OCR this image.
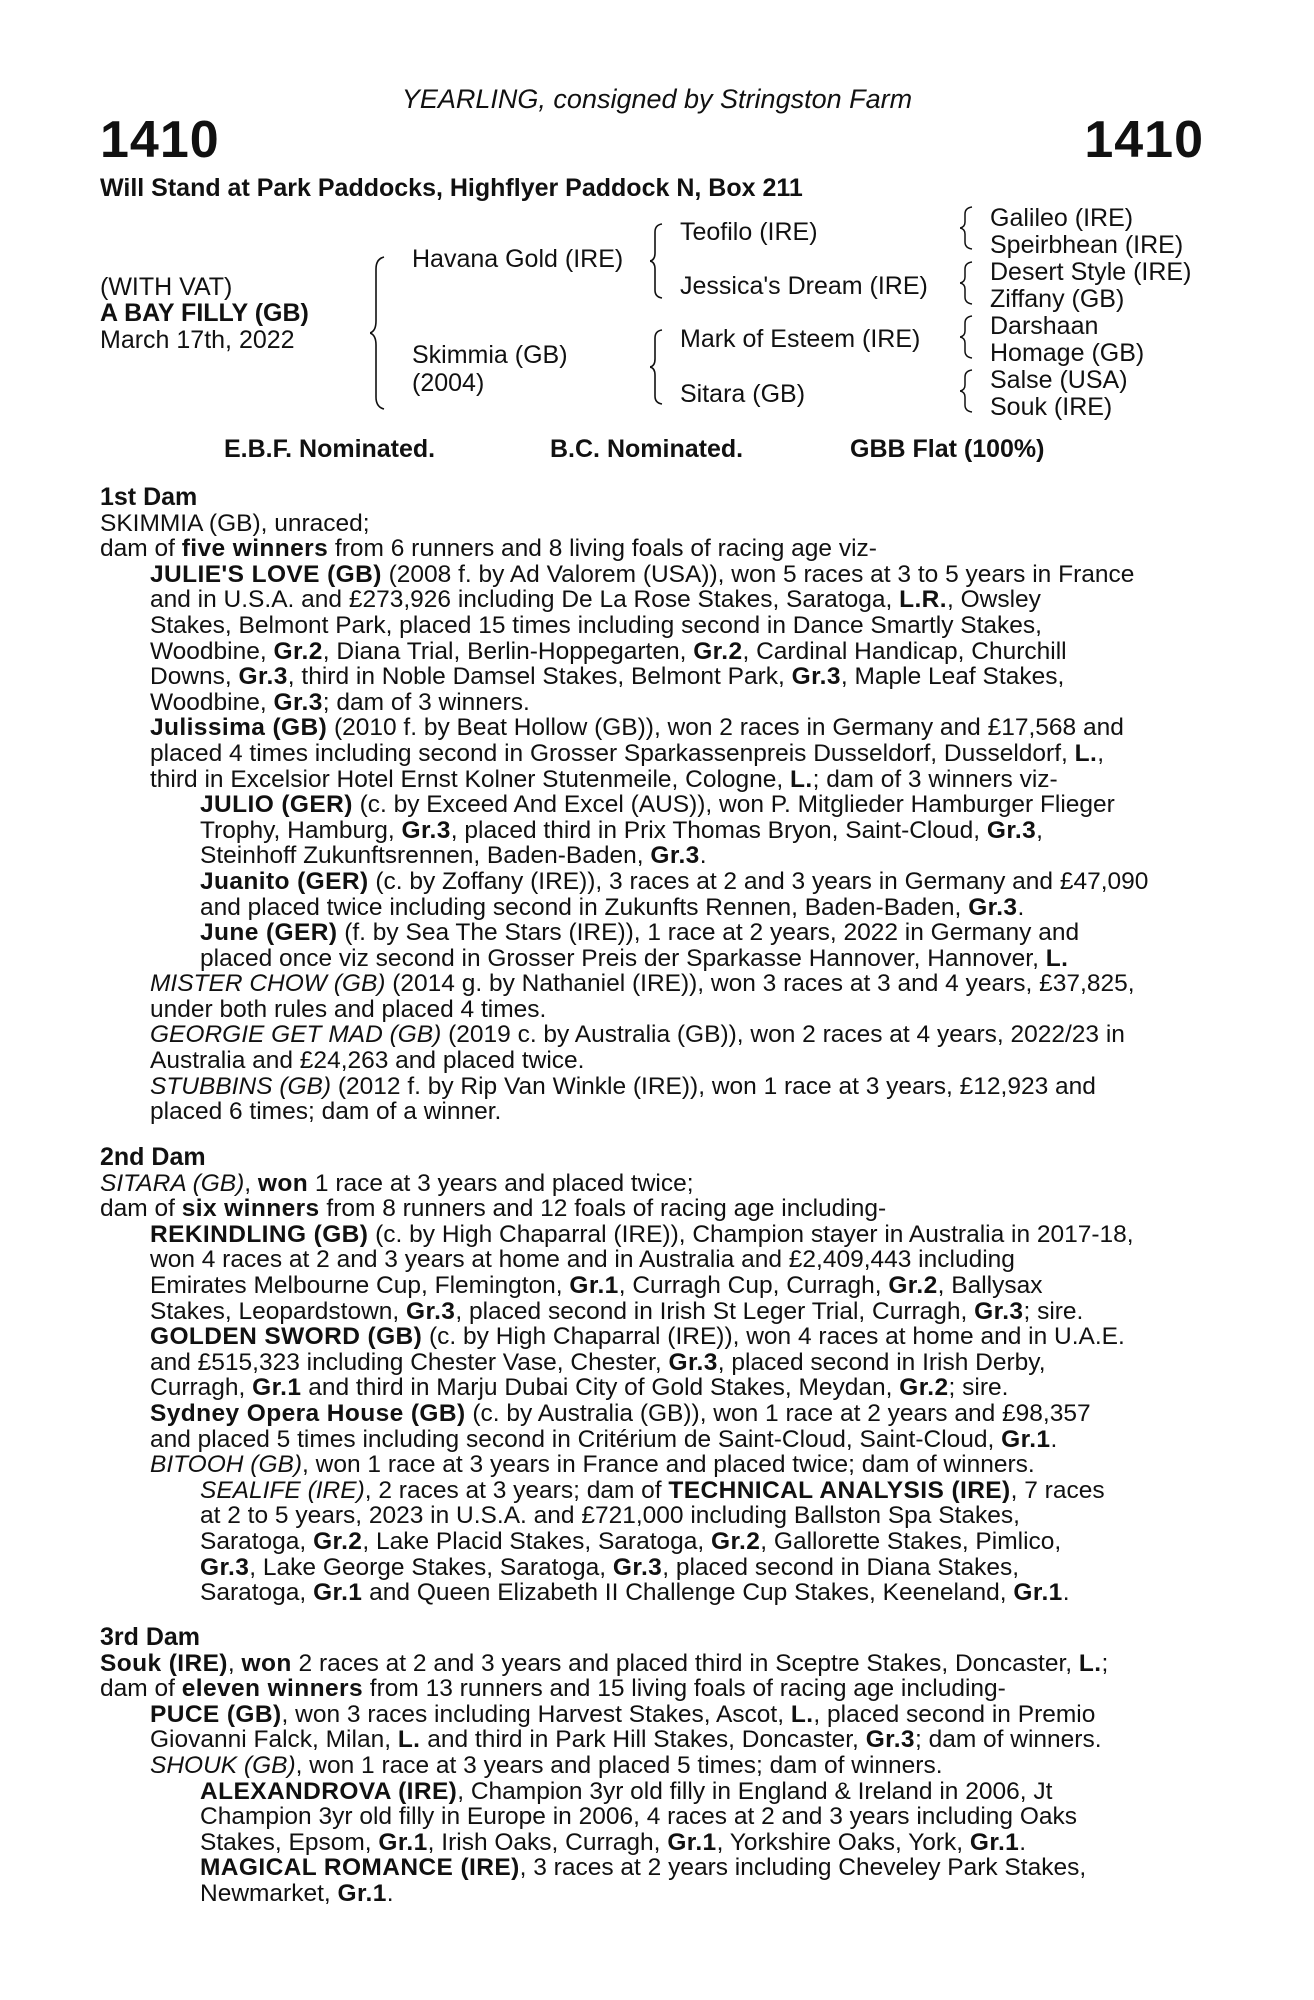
YEARLING, consigned by Stringston Farm
1410	1410
Will Stand at Park Paddocks, Highflyer Paddock N, Box 211
(WITH VAT)
A BAY FILLY (GB)
March 17th, 2022
Havana Gold (IRE)
Skimmia (GB)
(2004)
Teofilo (IRE)
Jessica's Dream (IRE)
Mark of Esteem (IRE)
Sitara (GB)
Galileo (IRE)
Speirbhean (IRE)
Desert Style (IRE)
Ziffany (GB)
Darshaan
Homage (GB)
Salse (USA)
Souk (IRE)
E.B.F. Nominated.	B.C. Nominated.	GBB Flat (100%)
1st Dam
SKIMMIA (GB), unraced;
dam of five winners from 6 runners and 8 living foals of racing age viz-
JULIE'S LOVE (GB) (2008 f. by Ad Valorem (USA)), won 5 races at 3 to 5 years in France
and in U.S.A. and £273,926 including De La Rose Stakes, Saratoga, L.R., Owsley
Stakes, Belmont Park, placed 15 times including second in Dance Smartly Stakes,
Woodbine, Gr.2, Diana Trial, Berlin-Hoppegarten, Gr.2, Cardinal Handicap, Churchill
Downs, Gr.3, third in Noble Damsel Stakes, Belmont Park, Gr.3, Maple Leaf Stakes,
Woodbine, Gr.3; dam of 3 winners.
Julissima (GB) (2010 f. by Beat Hollow (GB)), won 2 races in Germany and £17,568 and
placed 4 times including second in Grosser Sparkassenpreis Dusseldorf, Dusseldorf, L.,
third in Excelsior Hotel Ernst Kolner Stutenmeile, Cologne, L.; dam of 3 winners viz-
JULIO (GER) (c. by Exceed And Excel (AUS)), won P. Mitglieder Hamburger Flieger
Trophy, Hamburg, Gr.3, placed third in Prix Thomas Bryon, Saint-Cloud, Gr.3,
Steinhoff Zukunftsrennen, Baden-Baden, Gr.3.
Juanito (GER) (c. by Zoffany (IRE)), 3 races at 2 and 3 years in Germany and £47,090
and placed twice including second in Zukunfts Rennen, Baden-Baden, Gr.3.
June (GER) (f. by Sea The Stars (IRE)), 1 race at 2 years, 2022 in Germany and
placed once viz second in Grosser Preis der Sparkasse Hannover, Hannover, L.
MISTER CHOW (GB) (2014 g. by Nathaniel (IRE)), won 3 races at 3 and 4 years, £37,825,
under both rules and placed 4 times.
GEORGIE GET MAD (GB) (2019 c. by Australia (GB)), won 2 races at 4 years, 2022/23 in
Australia and £24,263 and placed twice.
STUBBINS (GB) (2012 f. by Rip Van Winkle (IRE)), won 1 race at 3 years, £12,923 and
placed 6 times; dam of a winner.
2nd Dam
SITARA (GB), won 1 race at 3 years and placed twice;
dam of six winners from 8 runners and 12 foals of racing age including-
REKINDLING (GB) (c. by High Chaparral (IRE)), Champion stayer in Australia in 2017-18,
won 4 races at 2 and 3 years at home and in Australia and £2,409,443 including
Emirates Melbourne Cup, Flemington, Gr.1, Curragh Cup, Curragh, Gr.2, Ballysax
Stakes, Leopardstown, Gr.3, placed second in Irish St Leger Trial, Curragh, Gr.3; sire.
GOLDEN SWORD (GB) (c. by High Chaparral (IRE)), won 4 races at home and in U.A.E.
and £515,323 including Chester Vase, Chester, Gr.3, placed second in Irish Derby,
Curragh, Gr.1 and third in Marju Dubai City of Gold Stakes, Meydan, Gr.2; sire.
Sydney Opera House (GB) (c. by Australia (GB)), won 1 race at 2 years and £98,357
and placed 5 times including second in Critérium de Saint-Cloud, Saint-Cloud, Gr.1.
BITOOH (GB), won 1 race at 3 years in France and placed twice; dam of winners.
SEALIFE (IRE), 2 races at 3 years; dam of TECHNICAL ANALYSIS (IRE), 7 races
at 2 to 5 years, 2023 in U.S.A. and £721,000 including Ballston Spa Stakes,
Saratoga, Gr.2, Lake Placid Stakes, Saratoga, Gr.2, Gallorette Stakes, Pimlico,
Gr.3, Lake George Stakes, Saratoga, Gr.3, placed second in Diana Stakes,
Saratoga, Gr.1 and Queen Elizabeth II Challenge Cup Stakes, Keeneland, Gr.1.
3rd Dam
Souk (IRE), won 2 races at 2 and 3 years and placed third in Sceptre Stakes, Doncaster, L.;
dam of eleven winners from 13 runners and 15 living foals of racing age including-
PUCE (GB), won 3 races including Harvest Stakes, Ascot, L., placed second in Premio
Giovanni Falck, Milan, L. and third in Park Hill Stakes, Doncaster, Gr.3; dam of winners.
SHOUK (GB), won 1 race at 3 years and placed 5 times; dam of winners.
ALEXANDROVA (IRE), Champion 3yr old filly in England & Ireland in 2006, Jt
Champion 3yr old filly in Europe in 2006, 4 races at 2 and 3 years including Oaks
Stakes, Epsom, Gr.1, Irish Oaks, Curragh, Gr.1, Yorkshire Oaks, York, Gr.1.
MAGICAL ROMANCE (IRE), 3 races at 2 years including Cheveley Park Stakes,
Newmarket, Gr.1.
